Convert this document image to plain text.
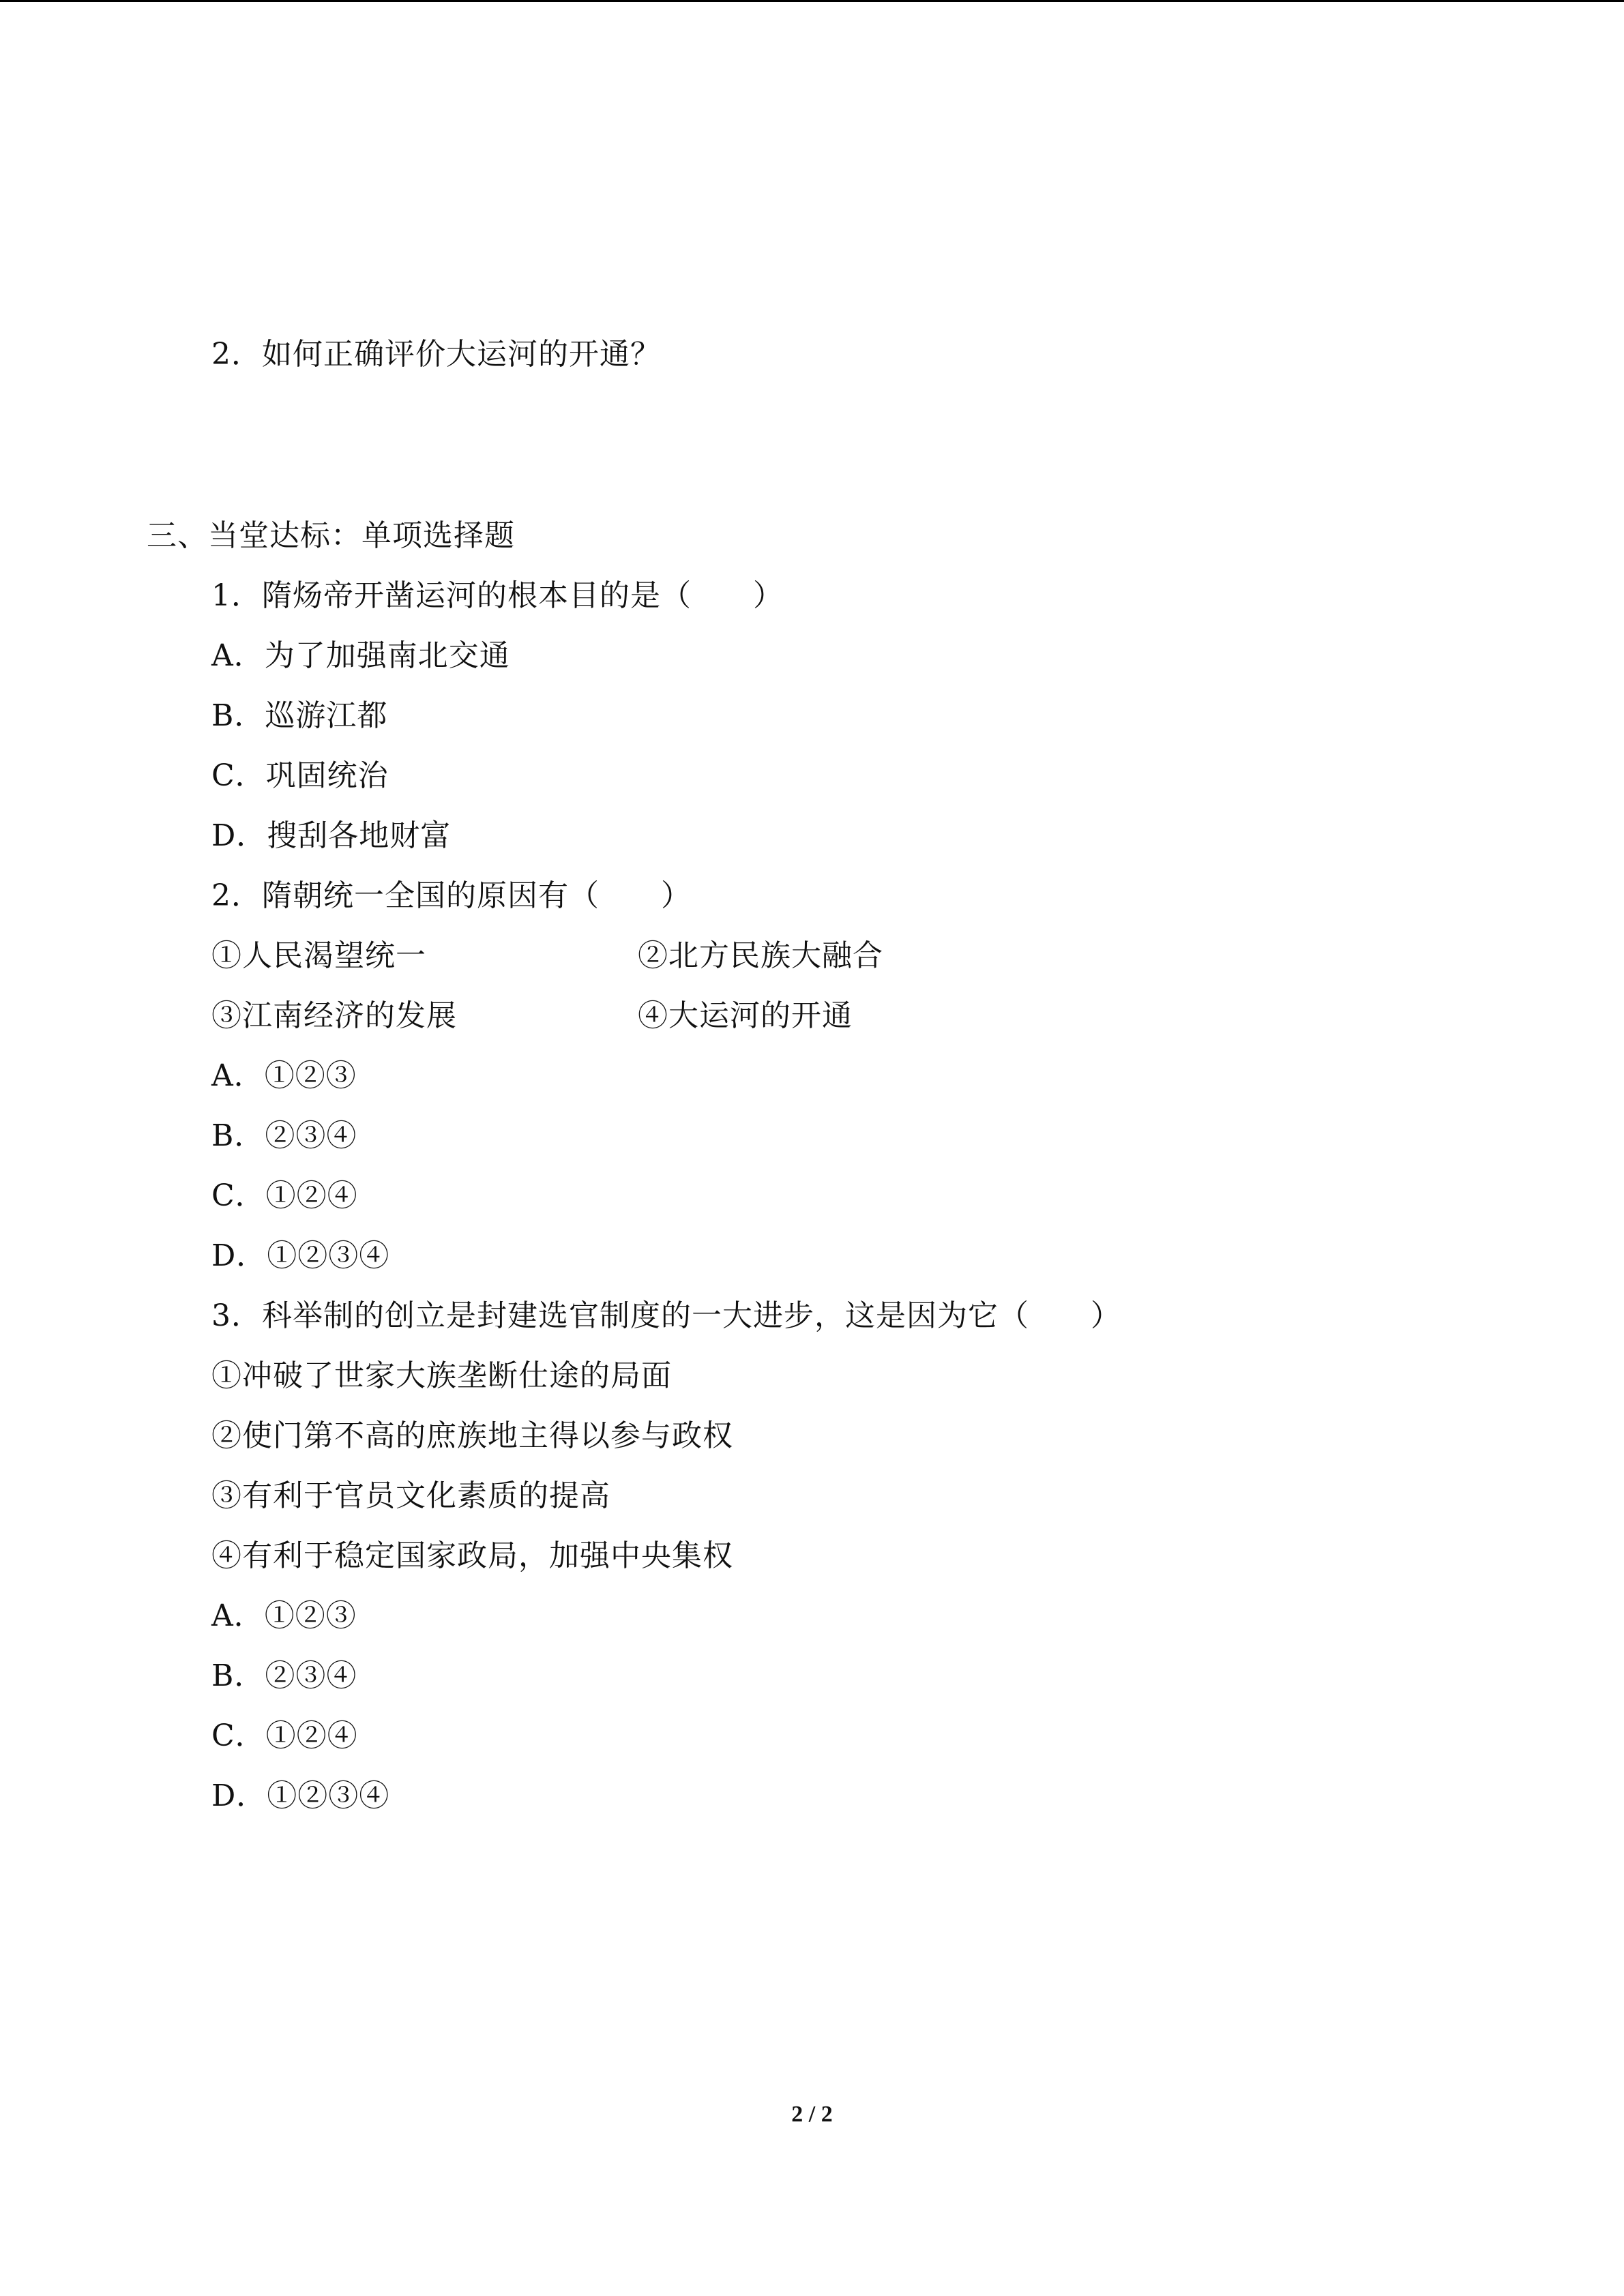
2．如何正确评价大运河的开通？
三、当堂达标：单项选择题
1．隋炀帝开凿运河的根本目的是（　　）
A．为了加强南北交通
B．巡游江都
C．巩固统治
D．搜刮各地财富
2．隋朝统一全国的原因有（　　）
①人民渴望统一	②北方民族大融合
③江南经济的发展	④大运河的开通
A．①②③
B．②③④
C．①②④
D．①②③④
3．科举制的创立是封建选官制度的一大进步，这是因为它（　　）
①冲破了世家大族垄断仕途的局面
②使门第不高的庶族地主得以参与政权
③有利于官员文化素质的提高
④有利于稳定国家政局，加强中央集权
A．①②③
B．②③④
C．①②④
D．①②③④
2 / 2
